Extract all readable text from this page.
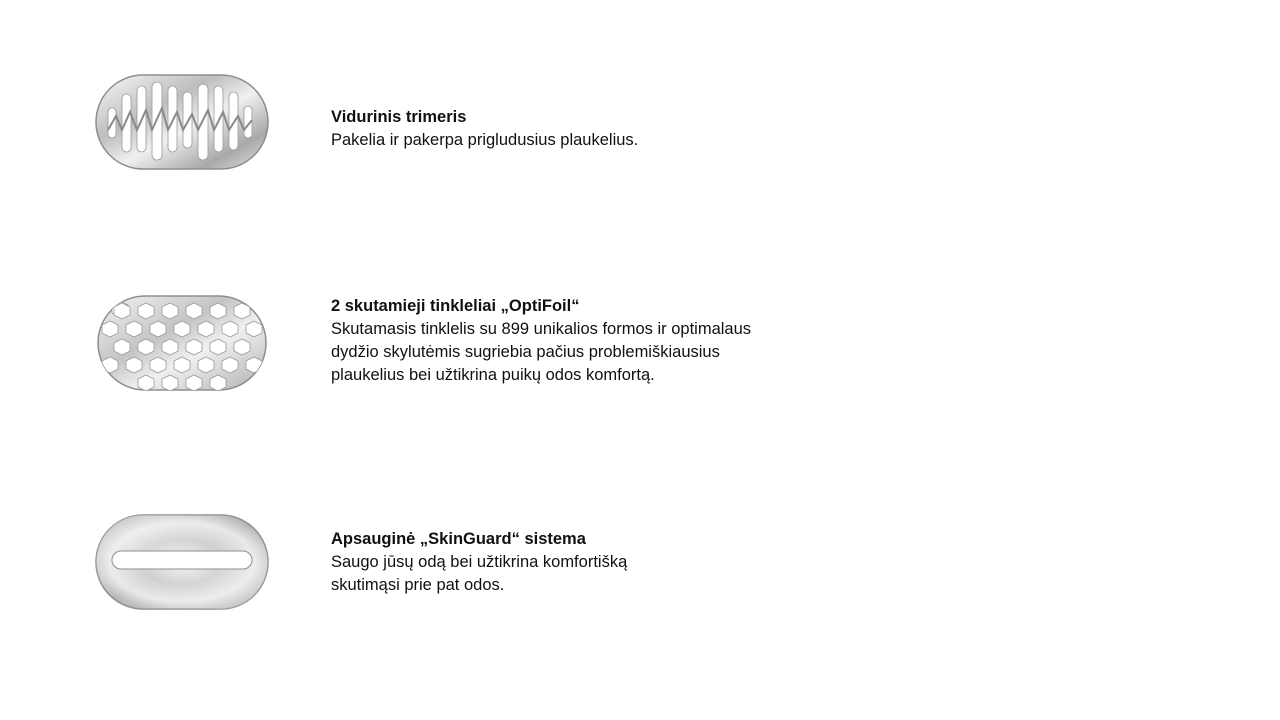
Vidurinis trimeris
Pakelia ir pakerpa prigludusius plaukelius.
2 skutamieji tinkleliai „OptiFoil“
Skutamasis tinklelis su 899 unikalios formos ir optimalaus
dydžio skylutėmis sugriebia pačius problemiškiausius
plaukelius bei užtikrina puikų odos komfortą.
Apsauginė „SkinGuard“ sistema
Saugo jūsų odą bei užtikrina komfortišką
skutimąsi prie pat odos.
